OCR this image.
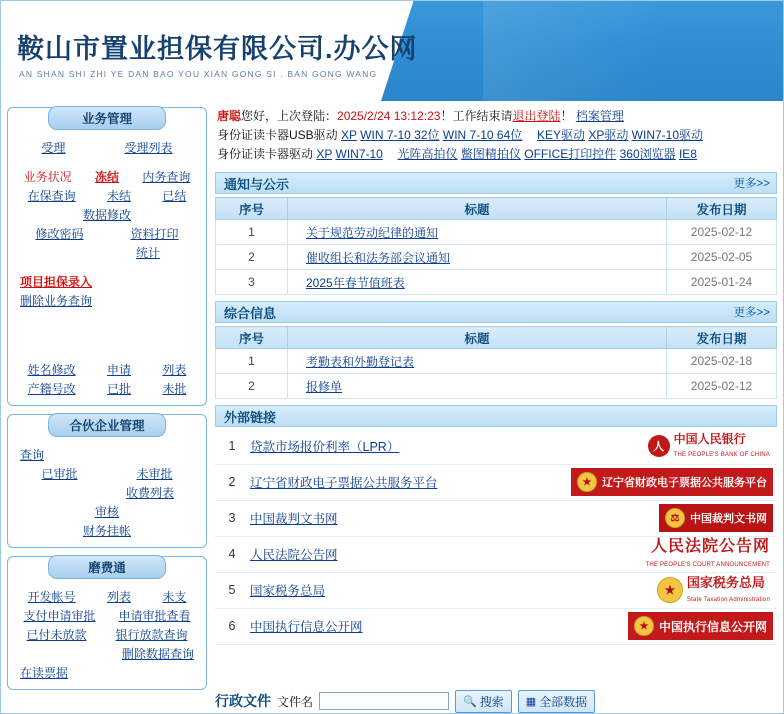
鞍山市置业担保有限公司.办公网
AN SHAN SHI ZHI YE DAN BAO YOU XIAN GONG SI . BAN GONG WANG
业务管理
受理	受理列表
业务状况 冻结 内务查询
在保查询	未结	已结
数据修改
修改密码	资料打印
统计
项目担保录入
删除业务查询
姓名修改	申请	列表
产籍号改	已批	未批
合伙企业管理
查询
已审批	未审批
收费列表
审核
财务挂帐
磨费通
开发帐号	列表	未支
支付申请审批 申请审批查看
已付未放款 银行放款查询
删除数据查询
在读票据
唐聪您好，上次登陆：2025/2/24 13:12:23！工作结束请退出登陆！ 档案管理
身份证读卡器USB驱动 XP WIN 7-10 32位 WIN 7-10 64位 KEY驱动 XP驱动 WIN7-10驱动
身份证读卡器驱动 XP WIN7-10 光阵高拍仪 鳖图精拍仪 OFFICE打印控件 360浏览器 IE8
通知与公示	更多>>
序号	标题	发布日期
1	关于规范劳动纪律的通知	2025-02-12
2	催收组长和法务部会议通知	2025-02-05
3	2025年春节值班表	2025-01-24
综合信息	更多>>
序号	标题	发布日期
1	考勤表和外勤登记表	2025-02-18
2	报修单	2025-02-12
外部链接
1	贷款市场报价利率（LPR）	人
中国人民银行
THE PEOPLE'S BANK OF CHINA

2	辽宁省财政电子票据公共服务平台	★ 辽宁省财政电子票据公共服务平台

3	中国裁判文书网	⚖ 中国裁判文书网

4	人民法院公告网	人民法院公告网
THE PEOPLE'S COURT ANNOUNCEMENT

5	国家税务总局	★ 国家税务总局
State Taxation Administration

6	中国执行信息公开网	★ 中国执行信息公开网
行政文件 文件名	🔍 搜索 ▦ 全部数据
